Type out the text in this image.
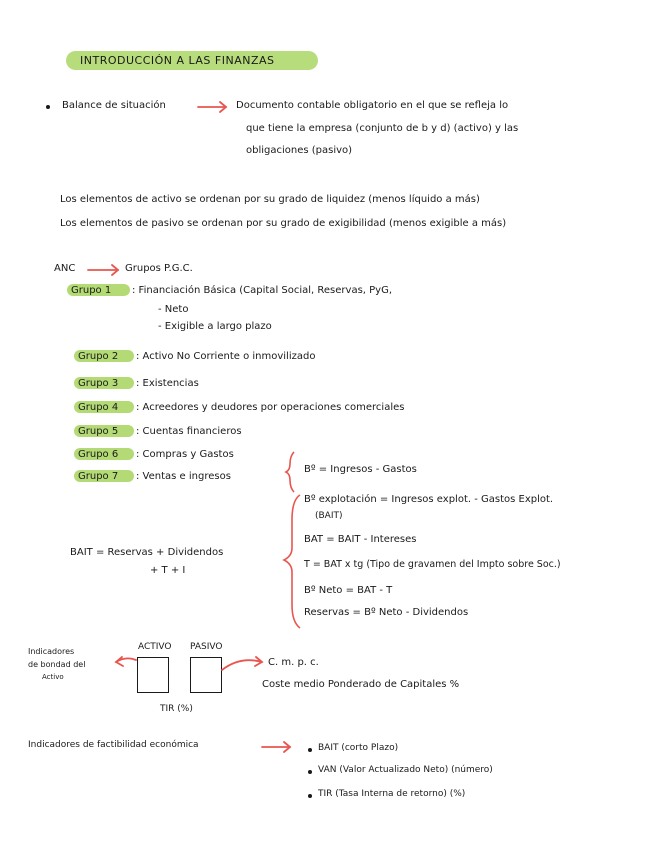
INTRODUCCIÓN A LAS FINANZAS
Balance de situación	Documento contable obligatorio en el que se refleja lo
que tiene la empresa (conjunto de b y d) (activo) y las
obligaciones (pasivo)
Los elementos de activo se ordenan por su grado de liquidez (menos líquido a más)
Los elementos de pasivo se ordenan por su grado de exigibilidad (menos exigible a más)
ANC	Grupos P.G.C.
Grupo 1 : Financiación Básica (Capital Social, Reservas, PyG,
- Neto
- Exigible a largo plazo
Grupo 2 : Activo No Corriente o inmovilizado
Grupo 3 : Existencias
Grupo 4 : Acreedores y deudores por operaciones comerciales
Grupo 5 : Cuentas financieros
Grupo 6 : Compras y Gastos
Grupo 7 : Ventas e ingresos
Bº = Ingresos - Gastos
Bº explotación = Ingresos explot. - Gastos Explot.
(BAIT)
BAT = BAIT - Intereses
T = BAT x tg (Tipo de gravamen del Impto sobre Soc.)
Bº Neto = BAT - T
Reservas = Bº Neto - Dividendos
BAIT = Reservas + Dividendos
+ T + I
Indicadores
de bondad del
Activo
ACTIVO PASIVO
C. m. p. c.
Coste medio Ponderado de Capitales %
TIR (%)
Indicadores de factibilidad económica	BAIT (corto Plazo)
VAN (Valor Actualizado Neto) (número)
TIR (Tasa Interna de retorno) (%)
